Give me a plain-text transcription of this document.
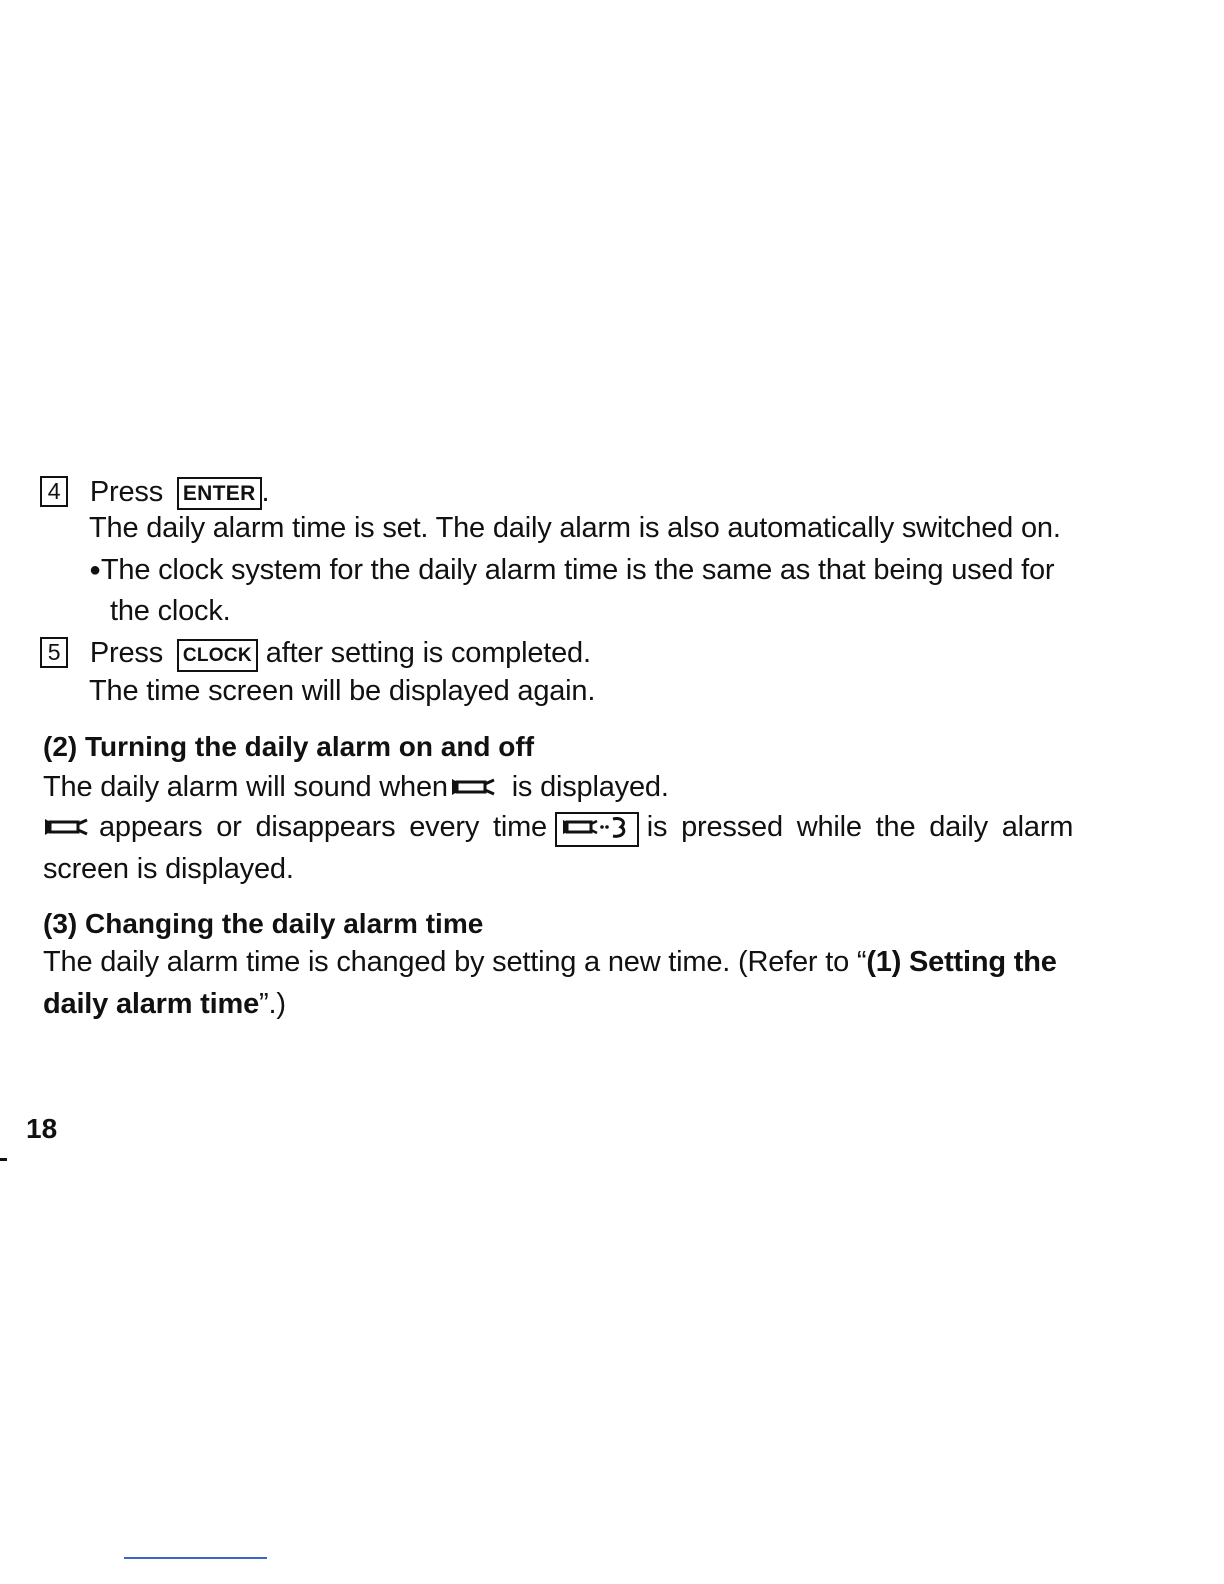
4 Press ENTER .
The daily alarm time is set. The daily alarm is also automatically switched on.
●The clock system for the daily alarm time is the same as that being used for
the clock.
5 Press CLOCK after setting is completed.
The time screen will be displayed again.
(2) Turning the daily alarm on and off
The daily alarm will sound when is displayed.
appears or disappears every time	is pressed while the daily alarm
screen is displayed.
(3) Changing the daily alarm time
The daily alarm time is changed by setting a new time. (Refer to “(1) Setting the
daily alarm time”.)
18
